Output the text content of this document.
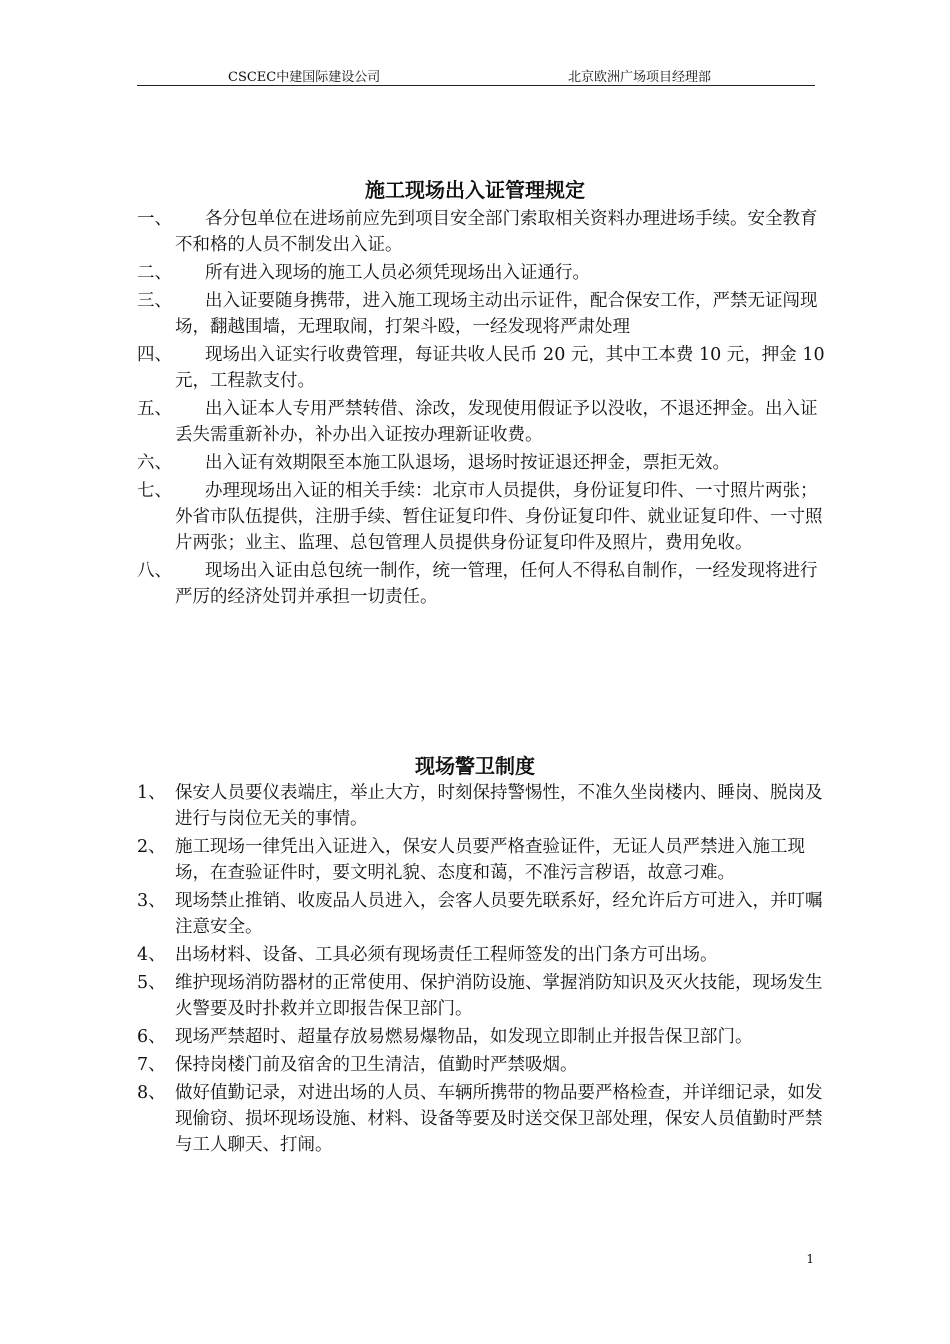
CSCEC中建国际建设公司	北京欧洲广场项目经理部
施工现场出入证管理规定
一、	各分包单位在进场前应先到项目安全部门索取相关资料办理进场手续。安全教育不和格的人员不制发出入证。
二、	所有进入现场的施工人员必须凭现场出入证通行。
三、	出入证要随身携带，进入施工现场主动出示证件，配合保安工作，严禁无证闯现场，翻越围墙，无理取闹，打架斗殴，一经发现将严肃处理
四、	现场出入证实行收费管理，每证共收人民币 20 元，其中工本费 10 元，押金 10 元，工程款支付。
五、	出入证本人专用严禁转借、涂改，发现使用假证予以没收，不退还押金。出入证丢失需重新补办，补办出入证按办理新证收费。
六、	出入证有效期限至本施工队退场，退场时按证退还押金，票拒无效。
七、	办理现场出入证的相关手续：北京市人员提供，身份证复印件、一寸照片两张；外省市队伍提供，注册手续、暂住证复印件、身份证复印件、就业证复印件、一寸照片两张；业主、监理、总包管理人员提供身份证复印件及照片，费用免收。
八、	现场出入证由总包统一制作，统一管理，任何人不得私自制作，一经发现将进行严厉的经济处罚并承担一切责任。
现场警卫制度
1、 保安人员要仪表端庄，举止大方，时刻保持警惕性，不准久坐岗楼内、睡岗、脱岗及进行与岗位无关的事情。
2、 施工现场一律凭出入证进入，保安人员要严格查验证件，无证人员严禁进入施工现场，在查验证件时，要文明礼貌、态度和蔼，不准污言秽语，故意刁难。
3、 现场禁止推销、收废品人员进入，会客人员要先联系好，经允许后方可进入，并叮嘱注意安全。
4、 出场材料、设备、工具必须有现场责任工程师签发的出门条方可出场。
5、 维护现场消防器材的正常使用、保护消防设施、掌握消防知识及灭火技能，现场发生火警要及时扑救并立即报告保卫部门。
6、 现场严禁超时、超量存放易燃易爆物品，如发现立即制止并报告保卫部门。
7、 保持岗楼门前及宿舍的卫生清洁，值勤时严禁吸烟。
8、 做好值勤记录，对进出场的人员、车辆所携带的物品要严格检查，并详细记录，如发现偷窃、损坏现场设施、材料、设备等要及时送交保卫部处理，保安人员值勤时严禁与工人聊天、打闹。
1
